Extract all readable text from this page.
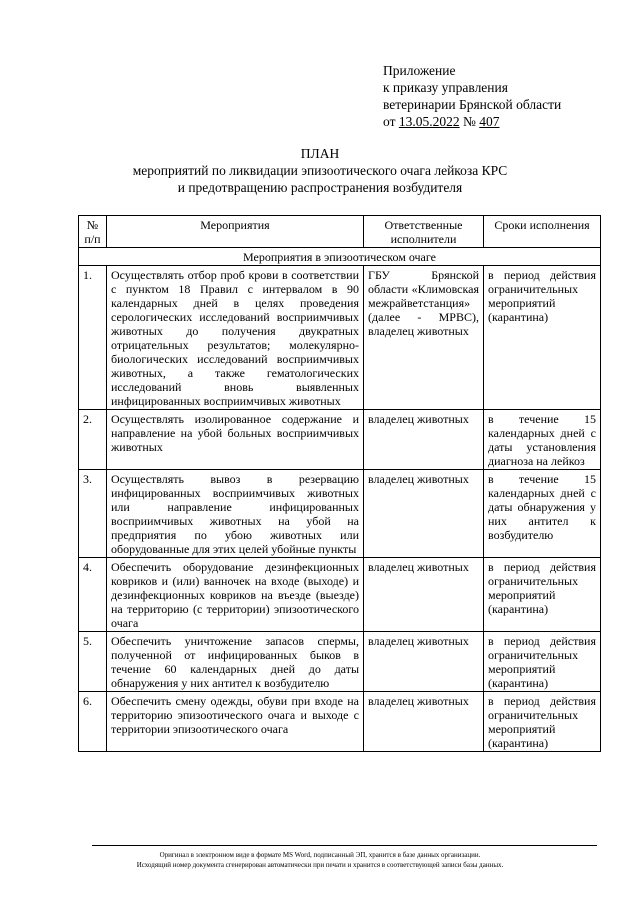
Приложение
к приказу управления
ветеринарии Брянской области
от 13.05.2022 № 407
ПЛАН
мероприятий по ликвидации эпизоотического очага лейкоза КРС
и предотвращению распространения возбудителя
№ п/п	Мероприятия	Ответственные исполнители	Сроки исполнения
Мероприятия в эпизоотическом очаге			
1.	Осуществлять отбор проб крови в соответствии с пунктом 18 Правил с интервалом в 90 календарных дней в целях проведения серологических исследований восприимчивых животных до получения двукратных отрицательных результатов; молекулярно-биологических исследований восприимчивых животных, а также гематологических исследований вновь выявленных инфицированных восприимчивых животных	ГБУ Брянской области «Климовская межрайветстанция» (далее - МРВС), владелец животных	в период действия ограничительных мероприятий (карантина)
2.	Осуществлять изолированное содержание и направление на убой больных восприимчивых животных	владелец животных	в течение 15 календарных дней с даты установления диагноза на лейкоз
3.	Осуществлять вывоз в резервацию инфицированных восприимчивых животных или направление инфицированных восприимчивых животных на убой на предприятия по убою животных или оборудованные для этих целей убойные пункты	владелец животных	в течение 15 календарных дней с даты обнаружения у них антител к возбудителю
4.	Обеспечить оборудование дезинфекционных ковриков и (или) ванночек на входе (выходе) и дезинфекционных ковриков на въезде (выезде) на территорию (с территории) эпизоотического очага	владелец животных	в период действия ограничительных мероприятий (карантина)
5.	Обеспечить уничтожение запасов спермы, полученной от инфицированных быков в течение 60 календарных дней до даты обнаружения у них антител к возбудителю	владелец животных	в период действия ограничительных мероприятий (карантина)
6.	Обеспечить смену одежды, обуви при входе на территорию эпизоотического очага и выходе с территории эпизоотического очага	владелец животных	в период действия ограничительных мероприятий (карантина)
Оригинал в электронном виде в формате MS Word, подписанный ЭП, хранится в базе данных организации.
Исходящий номер документа сгенерирован автоматически при печати и хранится в соответствующей записи базы данных.
